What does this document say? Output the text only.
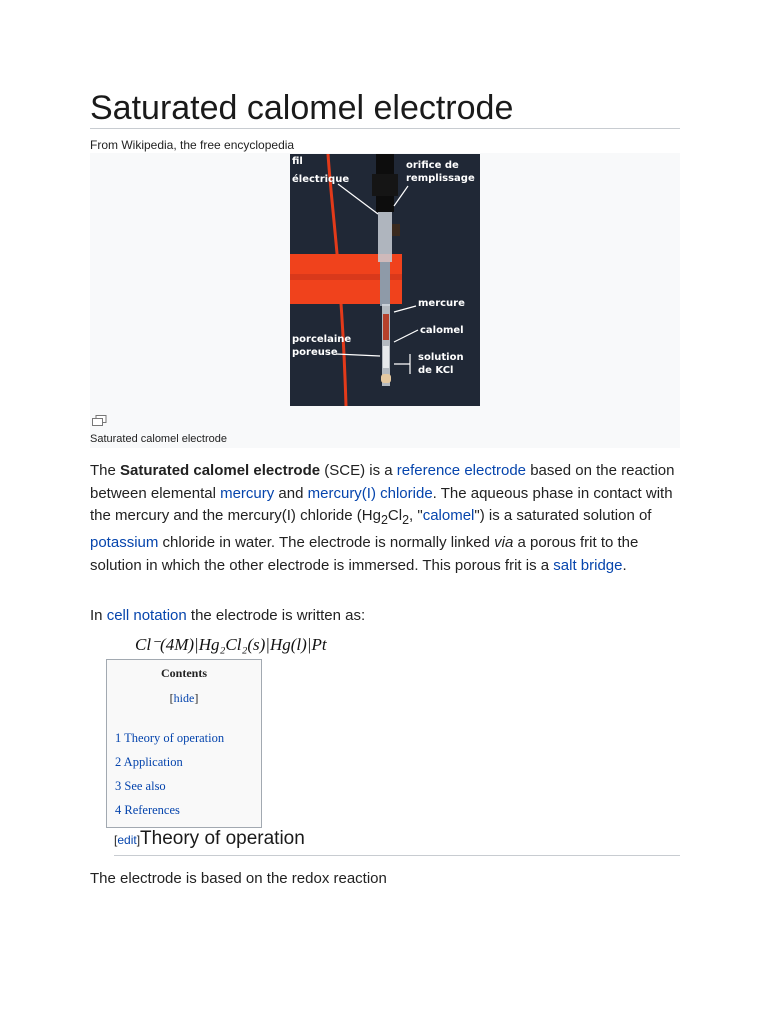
Saturated calomel electrode
From Wikipedia, the free encyclopedia
fil
électrique
orifice de
remplissage
mercure
calomel
porcelaine
poreuse	solution
de KCl
Saturated calomel electrode

The Saturated calomel electrode (SCE) is a reference electrode based on the reaction between elemental mercury and mercury(I) chloride. The aqueous phase in contact with the mercury and the mercury(I) chloride ($Hg_2Cl_2$, "calomel") is a saturated solution of potassium chloride in water. The electrode is normally linked via a porous frit to the solution in which the other electrode is immersed. This porous frit is a salt bridge.

In cell notation the electrode is written as:

Cl⁻(4M)|Hg₂Cl₂(s)|Hg(l)|Pt
Contents
[hide]
1 Theory of operation
2 Application
3 See also
4 References
[edit]Theory of operation

The electrode is based on the redox reaction
